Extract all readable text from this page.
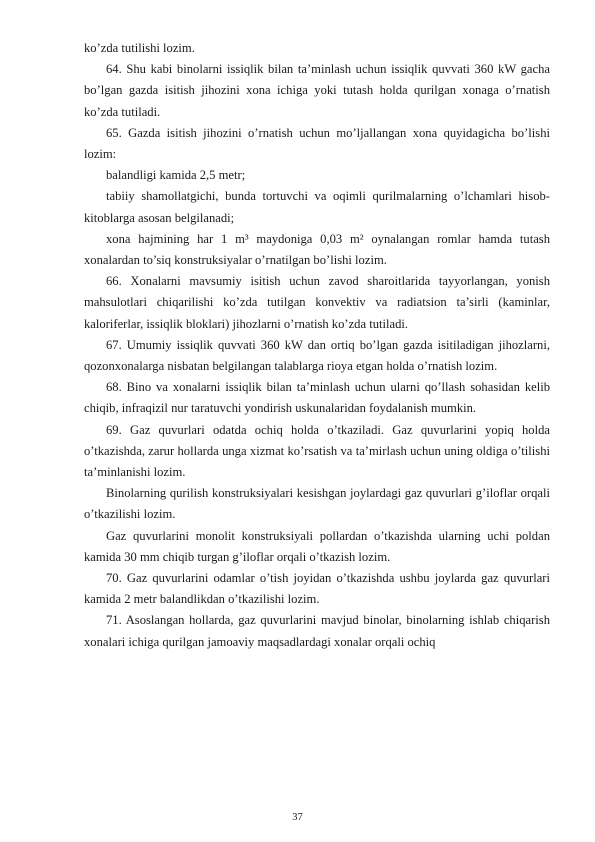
ko’zda tutilishi lozim.

64. Shu kabi binolarni issiqlik bilan ta’minlash uchun issiqlik quvvati 360 kW gacha bo’lgan gazda isitish jihozini xona ichiga yoki tutash holda qurilgan xonaga o’rnatish ko’zda tutiladi.

65. Gazda isitish jihozini o’rnatish uchun mo’ljallangan xona quyidagicha bo’lishi lozim:

balandligi kamida 2,5 metr;

tabiiy shamollatgichi, bunda tortuvchi va oqimli qurilmalarning o’lchamlari hisob-kitoblarga asosan belgilanadi;

xona hajmining har 1 m³ maydoniga 0,03 m² oynalangan romlar hamda tutash xonalardan to’siq konstruksiyalar o’rnatilgan bo’lishi lozim.

66. Xonalarni mavsumiy isitish uchun zavod sharoitlarida tayyorlangan, yonish mahsulotlari chiqarilishi ko’zda tutilgan konvektiv va radiatsion ta’sirli (kaminlar, kaloriferlar, issiqlik bloklari) jihozlarni o’rnatish ko’zda tutiladi.

67. Umumiy issiqlik quvvati 360 kW dan ortiq bo’lgan gazda isitiladigan jihozlarni, qozonxonalarga nisbatan belgilangan talablarga rioya etgan holda o’rnatish lozim.

68. Bino va xonalarni issiqlik bilan ta’minlash uchun ularni qo’llash sohasidan kelib chiqib, infraqizil nur taratuvchi yondirish uskunalaridan foydalanish mumkin.

69. Gaz quvurlari odatda ochiq holda o’tkaziladi. Gaz quvurlarini yopiq holda o’tkazishda, zarur hollarda unga xizmat ko’rsatish va ta’mirlash uchun uning oldiga o’tilishi ta’minlanishi lozim.

Binolarning qurilish konstruksiyalari kesishgan joylardagi gaz quvurlari g’iloflar orqali o’tkazilishi lozim.

Gaz quvurlarini monolit konstruksiyali pollardan o’tkazishda ularning uchi poldan kamida 30 mm chiqib turgan g’iloflar orqali o’tkazish lozim.

70. Gaz quvurlarini odamlar o’tish joyidan o’tkazishda ushbu joylarda gaz quvurlari kamida 2 metr balandlikdan o’tkazilishi lozim.

71. Asoslangan hollarda, gaz quvurlarini mavjud binolar, binolarning ishlab chiqarish xonalari ichiga qurilgan jamoaviy maqsadlardagi xonalar orqali ochiq

37
